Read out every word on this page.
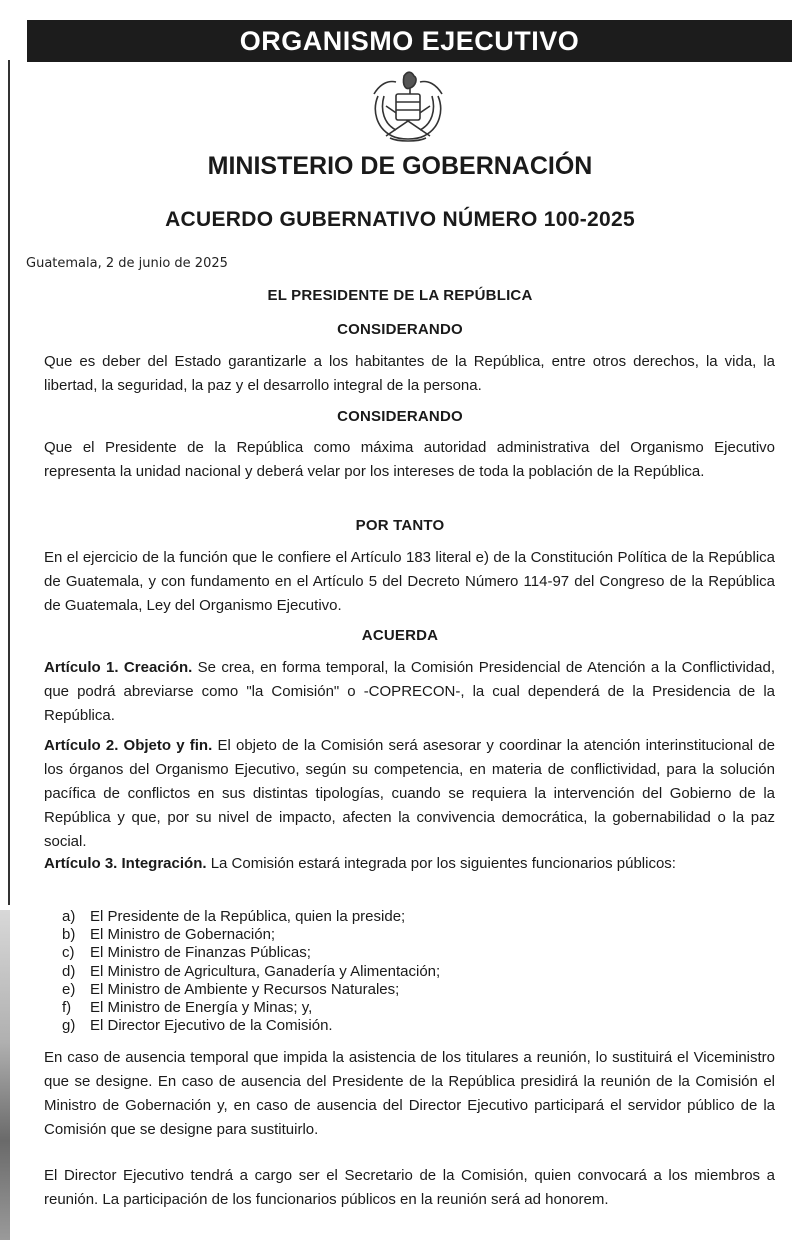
ORGANISMO EJECUTIVO
MINISTERIO DE GOBERNACIÓN
ACUERDO GUBERNATIVO NÚMERO 100-2025
Guatemala, 2 de junio de 2025
EL PRESIDENTE DE LA REPÚBLICA
CONSIDERANDO
Que es deber del Estado garantizarle a los habitantes de la República, entre otros derechos, la vida, la libertad, la seguridad, la paz y el desarrollo integral de la persona.
CONSIDERANDO
Que el Presidente de la República como máxima autoridad administrativa del Organismo Ejecutivo representa la unidad nacional y deberá velar por los intereses de toda la población de la República.
POR TANTO
En el ejercicio de la función que le confiere el Artículo 183 literal e) de la Constitución Política de la República de Guatemala, y con fundamento en el Artículo 5 del Decreto Número 114-97 del Congreso de la República de Guatemala, Ley del Organismo Ejecutivo.
ACUERDA
Artículo 1. Creación. Se crea, en forma temporal, la Comisión Presidencial de Atención a la Conflictividad, que podrá abreviarse como "la Comisión" o -COPRECON-, la cual dependerá de la Presidencia de la República.
Artículo 2. Objeto y fin. El objeto de la Comisión será asesorar y coordinar la atención interinstitucional de los órganos del Organismo Ejecutivo, según su competencia, en materia de conflictividad, para la solución pacífica de conflictos en sus distintas tipologías, cuando se requiera la intervención del Gobierno de la República y que, por su nivel de impacto, afecten la convivencia democrática, la gobernabilidad o la paz social.
Artículo 3. Integración. La Comisión estará integrada por los siguientes funcionarios públicos:
a) El Presidente de la República, quien la preside;
b) El Ministro de Gobernación;
c) El Ministro de Finanzas Públicas;
d) El Ministro de Agricultura, Ganadería y Alimentación;
e) El Ministro de Ambiente y Recursos Naturales;
f) El Ministro de Energía y Minas; y,
g) El Director Ejecutivo de la Comisión.
En caso de ausencia temporal que impida la asistencia de los titulares a reunión, lo sustituirá el Viceministro que se designe. En caso de ausencia del Presidente de la República presidirá la reunión de la Comisión el Ministro de Gobernación y, en caso de ausencia del Director Ejecutivo participará el servidor público de la Comisión que se designe para sustituirlo.
El Director Ejecutivo tendrá a cargo ser el Secretario de la Comisión, quien convocará a los miembros a reunión. La participación de los funcionarios públicos en la reunión será ad honorem.
